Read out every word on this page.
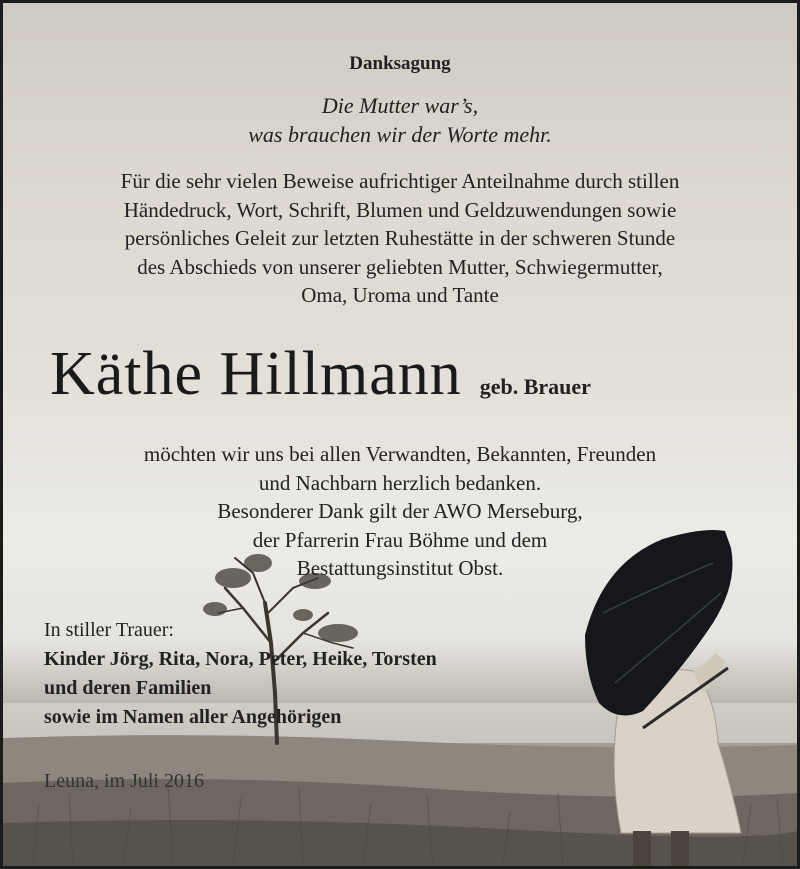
Danksagung

Die Mutter war’s,
was brauchen wir der Worte mehr.
Für die sehr vielen Beweise aufrichtiger Anteilnahme durch stillen
Händedruck, Wort, Schrift, Blumen und Geldzuwendungen sowie
persönliches Geleit zur letzten Ruhestätte in der schweren Stunde
des Abschieds von unserer geliebten Mutter, Schwiegermutter,
Oma, Uroma und Tante
Käthe Hillmann geb. Brauer
möchten wir uns bei allen Verwandten, Bekannten, Freunden
und Nachbarn herzlich bedanken.
Besonderer Dank gilt der AWO Merseburg,
der Pfarrerin Frau Böhme und dem
Bestattungsinstitut Obst.
In stiller Trauer:
Kinder Jörg, Rita, Nora, Peter, Heike, Torsten
und deren Familien
sowie im Namen aller Angehörigen
Leuna, im Juli 2016
